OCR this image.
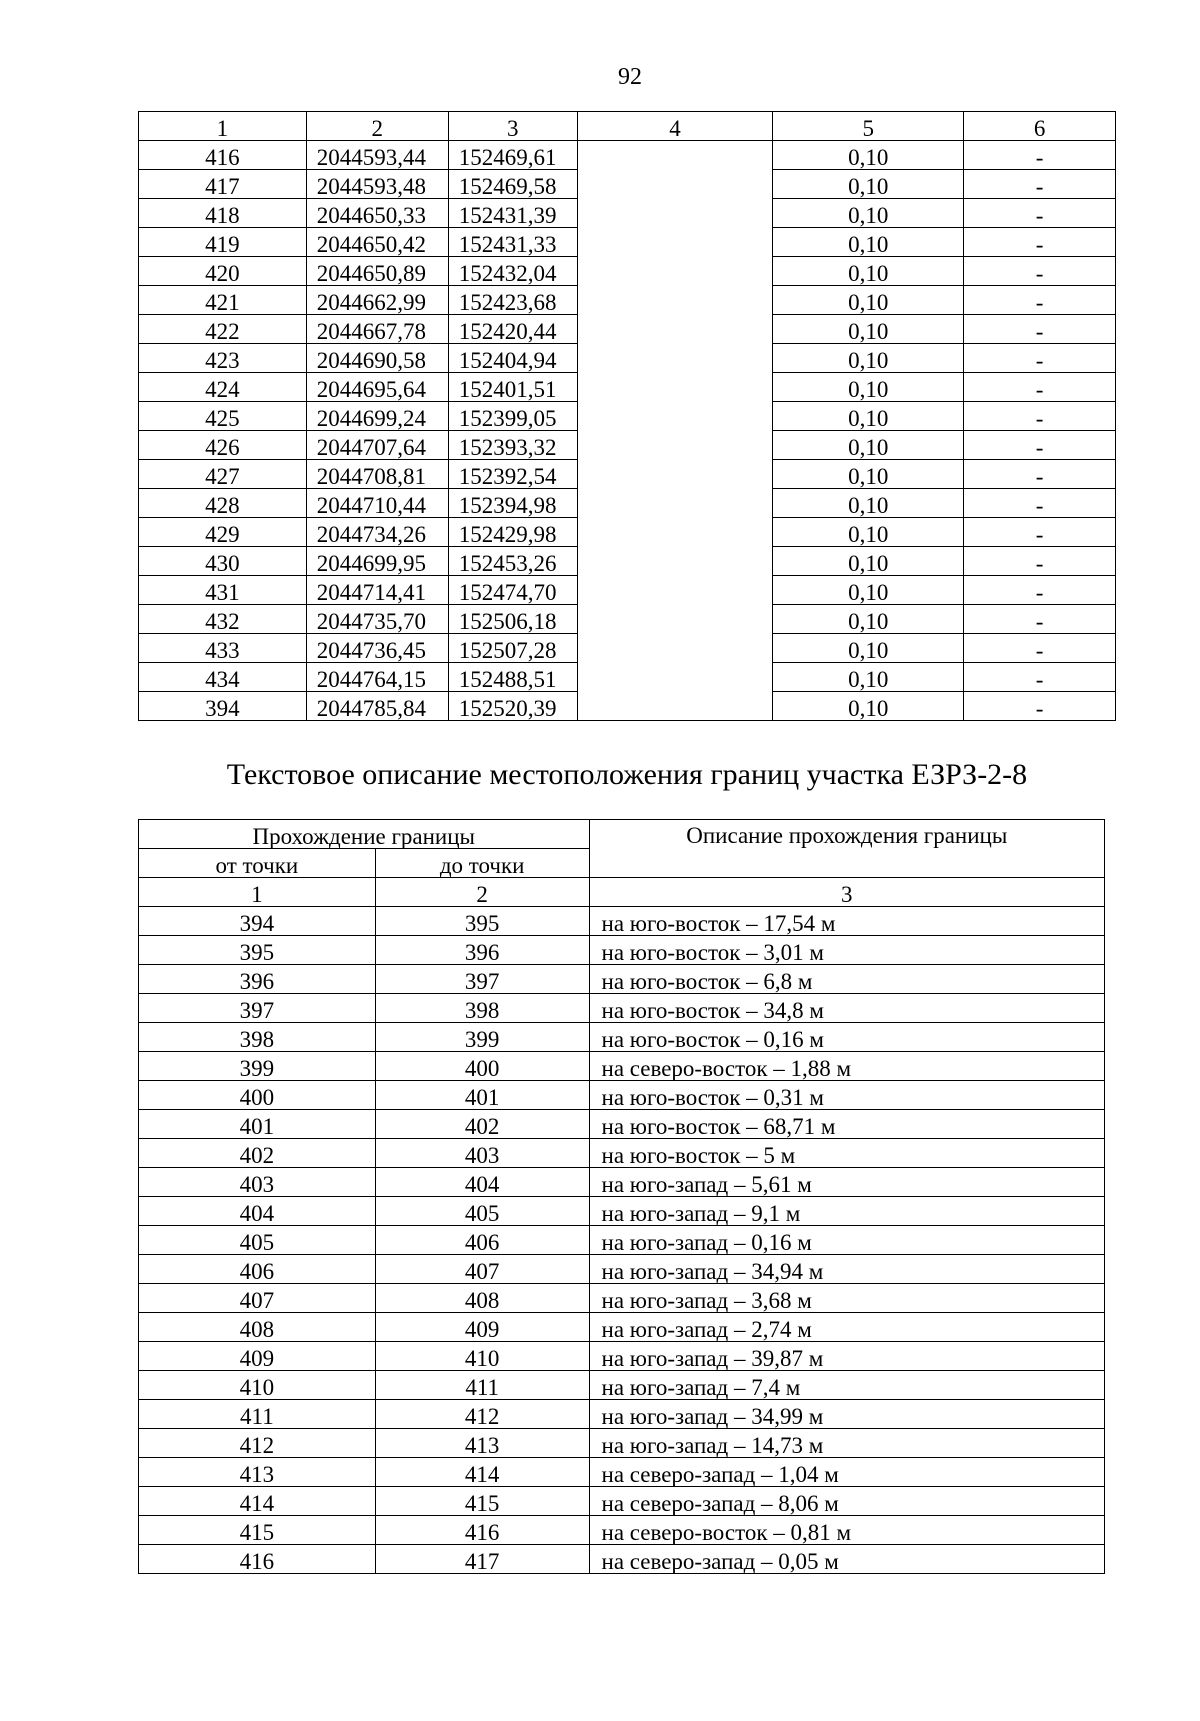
92
1	2	3	4	5	6
416	2044593,44	152469,61		0,10	-
417	2044593,48	152469,58		0,10	-
418	2044650,33	152431,39		0,10	-
419	2044650,42	152431,33		0,10	-
420	2044650,89	152432,04		0,10	-
421	2044662,99	152423,68		0,10	-
422	2044667,78	152420,44		0,10	-
423	2044690,58	152404,94		0,10	-
424	2044695,64	152401,51		0,10	-
425	2044699,24	152399,05		0,10	-
426	2044707,64	152393,32		0,10	-
427	2044708,81	152392,54		0,10	-
428	2044710,44	152394,98		0,10	-
429	2044734,26	152429,98		0,10	-
430	2044699,95	152453,26		0,10	-
431	2044714,41	152474,70		0,10	-
432	2044735,70	152506,18		0,10	-
433	2044736,45	152507,28		0,10	-
434	2044764,15	152488,51		0,10	-
394	2044785,84	152520,39		0,10	-
Текстовое описание местоположения границ участка ЕЗРЗ-2-8
Прохождение границы		Описание прохождения границы
от точки	до точки	
1	2	3
394	395	на юго-восток – 17,54 м
395	396	на юго-восток – 3,01 м
396	397	на юго-восток – 6,8 м
397	398	на юго-восток – 34,8 м
398	399	на юго-восток – 0,16 м
399	400	на северо-восток – 1,88 м
400	401	на юго-восток – 0,31 м
401	402	на юго-восток – 68,71 м
402	403	на юго-восток – 5 м
403	404	на юго-запад – 5,61 м
404	405	на юго-запад – 9,1 м
405	406	на юго-запад – 0,16 м
406	407	на юго-запад – 34,94 м
407	408	на юго-запад – 3,68 м
408	409	на юго-запад – 2,74 м
409	410	на юго-запад – 39,87 м
410	411	на юго-запад – 7,4 м
411	412	на юго-запад – 34,99 м
412	413	на юго-запад – 14,73 м
413	414	на северо-запад – 1,04 м
414	415	на северо-запад – 8,06 м
415	416	на северо-восток – 0,81 м
416	417	на северо-запад – 0,05 м
